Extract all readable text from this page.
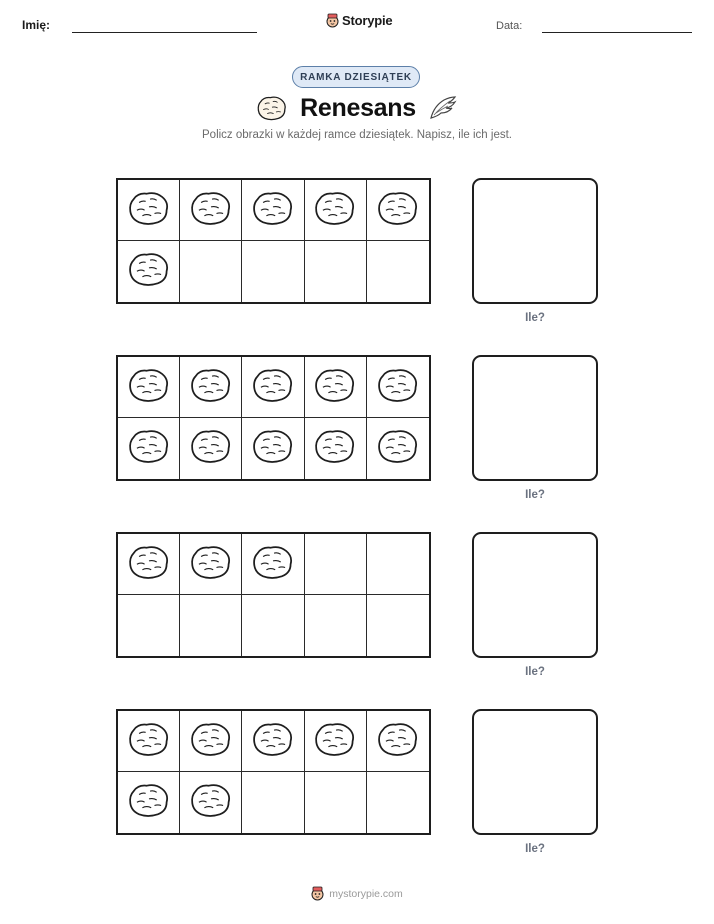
Imię:	Storypie	Data:
RAMKA DZIESIĄTEK
Renesans
Policz obrazki w każdej ramce dziesiątek. Napisz, ile ich jest.
Ile?
Ile?
Ile?
Ile?
mystorypie.com
